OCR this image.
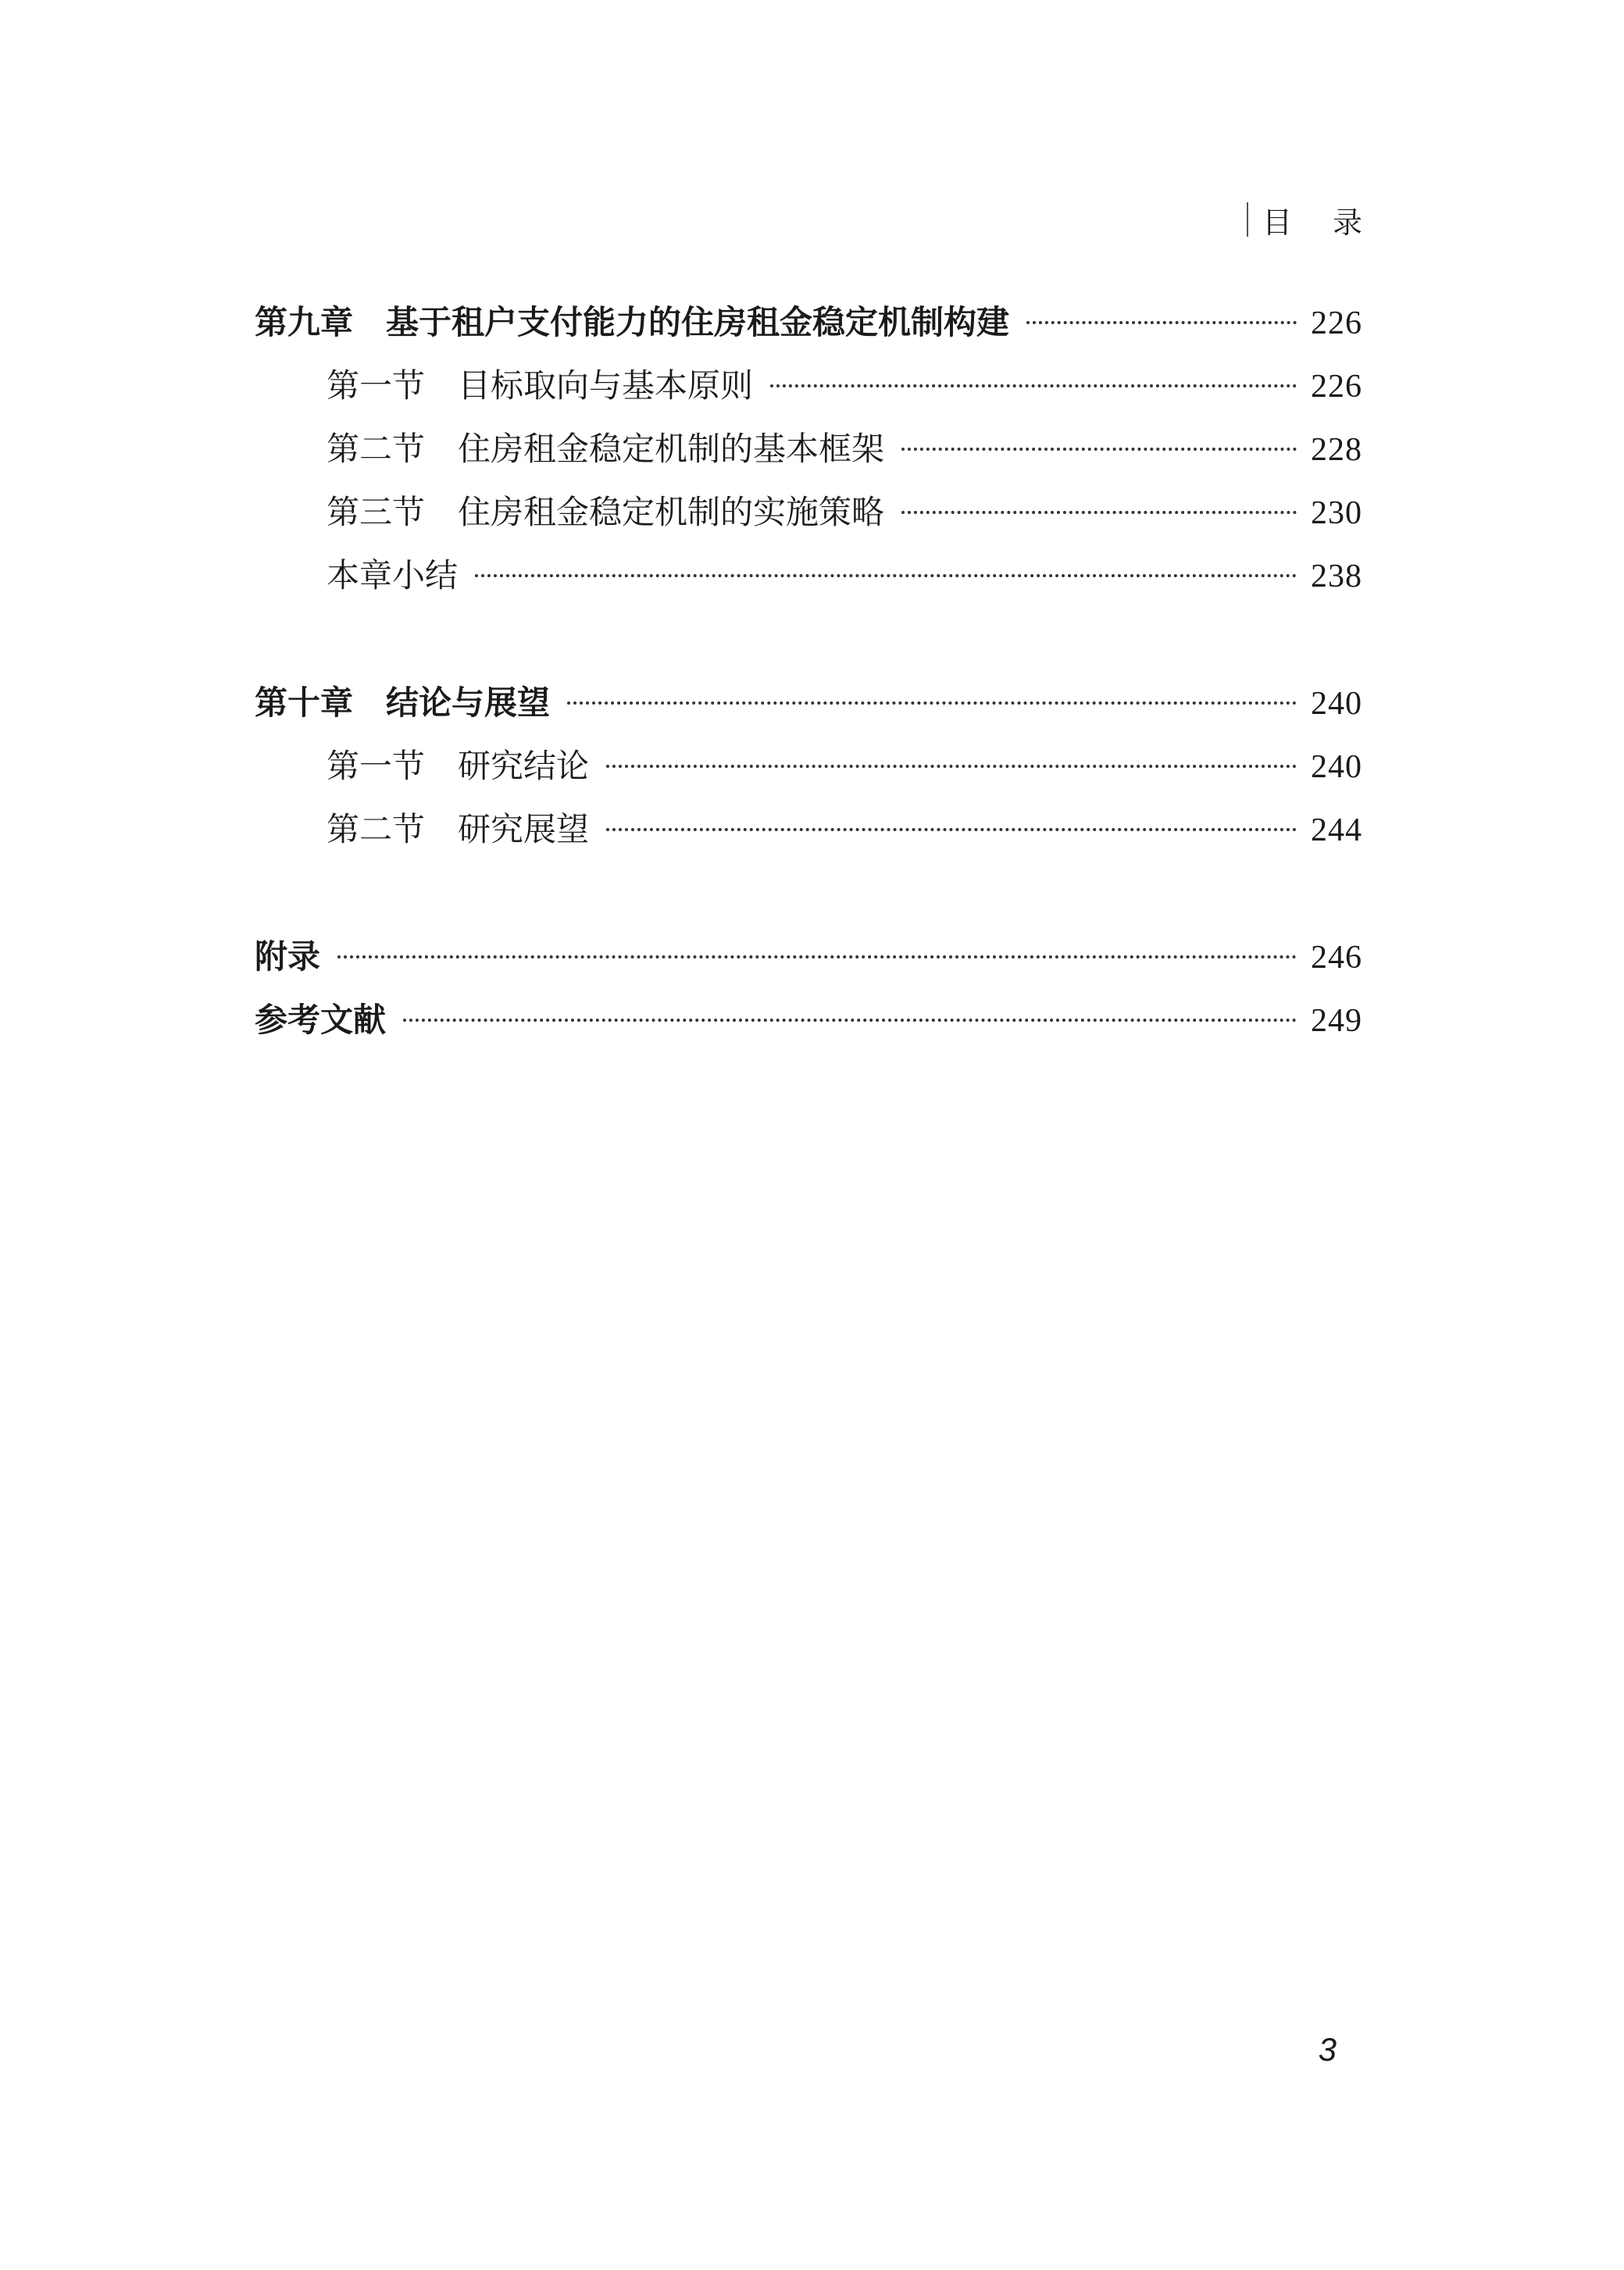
目录
第九章　基于租户支付能力的住房租金稳定机制构建	226
第一节　目标取向与基本原则	226
第二节　住房租金稳定机制的基本框架	228
第三节　住房租金稳定机制的实施策略	230
本章小结	238
第十章　结论与展望	240
第一节　研究结论	240
第二节　研究展望	244
附录	246
参考文献	249
3
